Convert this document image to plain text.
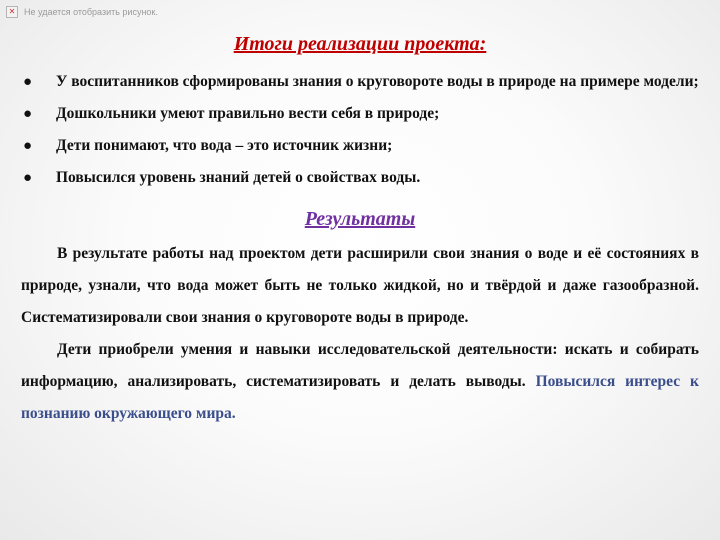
✕ Не удается отобразить рисунок.
Итоги реализации проекта:
● У воспитанников сформированы знания о круговороте воды в природе на примере модели;
● Дошкольники умеют правильно вести себя в природе;
● Дети понимают, что вода – это источник жизни;
● Повысился уровень знаний детей о свойствах воды.
Результаты

В результате работы над проектом дети расширили свои знания о воде и её состояниях в природе, узнали, что вода может быть не только жидкой, но и твёрдой и даже газообразной. Систематизировали свои знания о круговороте воды в природе.

Дети приобрели умения и навыки исследовательской деятельности: искать и собирать информацию, анализировать, систематизировать и делать выводы. Повысился интерес к познанию окружающего мира.
